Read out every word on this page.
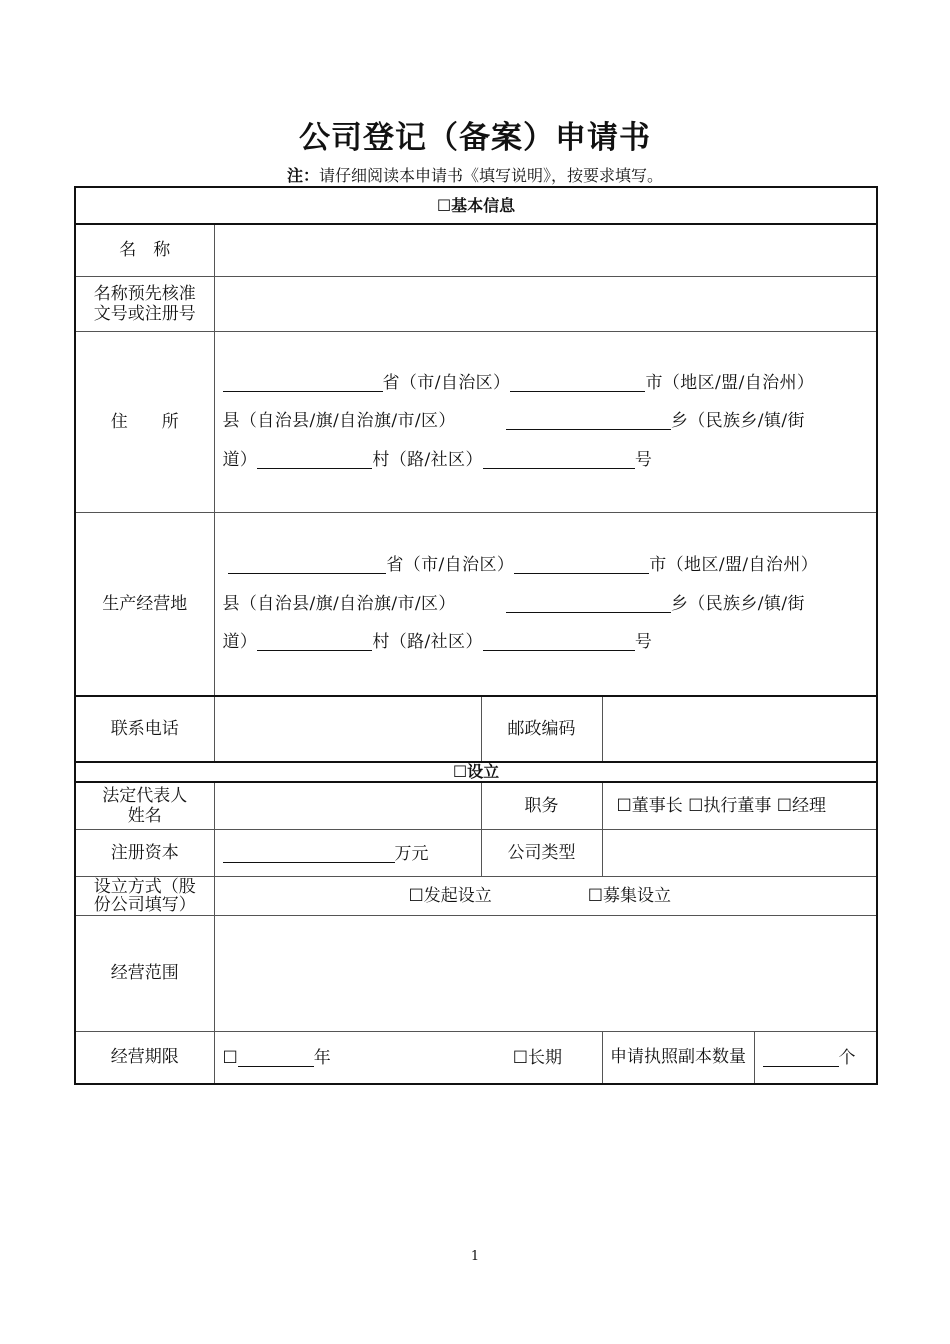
公司登记（备案）申请书
注：请仔细阅读本申请书《填写说明》，按要求填写。
☐基本信息				
名　称				
名称预先核准
文号或注册号				
住　　所	省（市/自治区） 市（地区/盟/自治州）
县（自治县/旗/自治旗/市/区） 乡（民族乡/镇/街
道） 村（路/社区） 号			
生产经营地	省（市/自治区） 市（地区/盟/自治州）
县（自治县/旗/自治旗/市/区） 乡（民族乡/镇/街
道） 村（路/社区） 号			
联系电话		邮政编码		
☐设立				
法定代表人
姓名		职务	☐董事长 ☐执行董事 ☐经理	
注册资本	万元	公司类型		
设立方式（股
份公司填写）	☐发起设立 ☐募集设立			
经营范围				
经营期限	☐ 年 ☐长期		申请执照副本数量	个
1
